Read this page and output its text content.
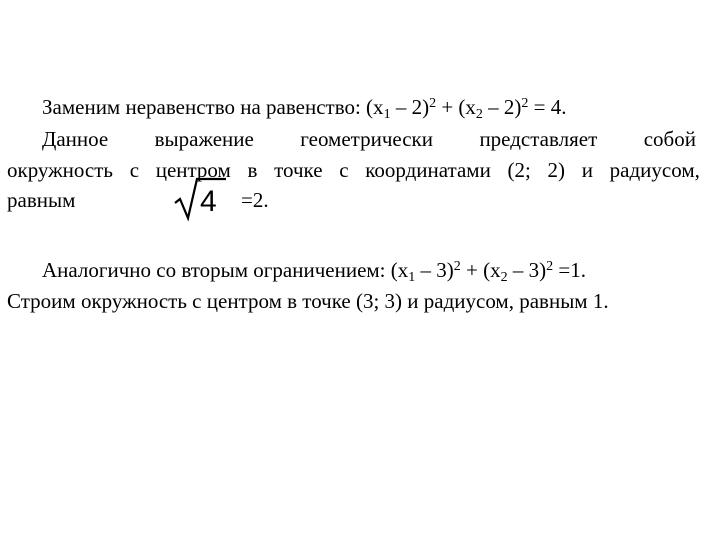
Заменим неравенство на равенство: $(x_1 - 2)^2 + (x_2 - 2)^2 = 4$.
Данное выражение геометрически представляет собой
окружность с центром в точке с координатами (2; 2) и радиусом,
равным	4 =2.
Аналогично со вторым ограничением: $(x_1 - 3)^2 + (x_2 - 3)^2 =1$.
Строим окружность с центром в точке (3; 3) и радиусом, равным 1.
